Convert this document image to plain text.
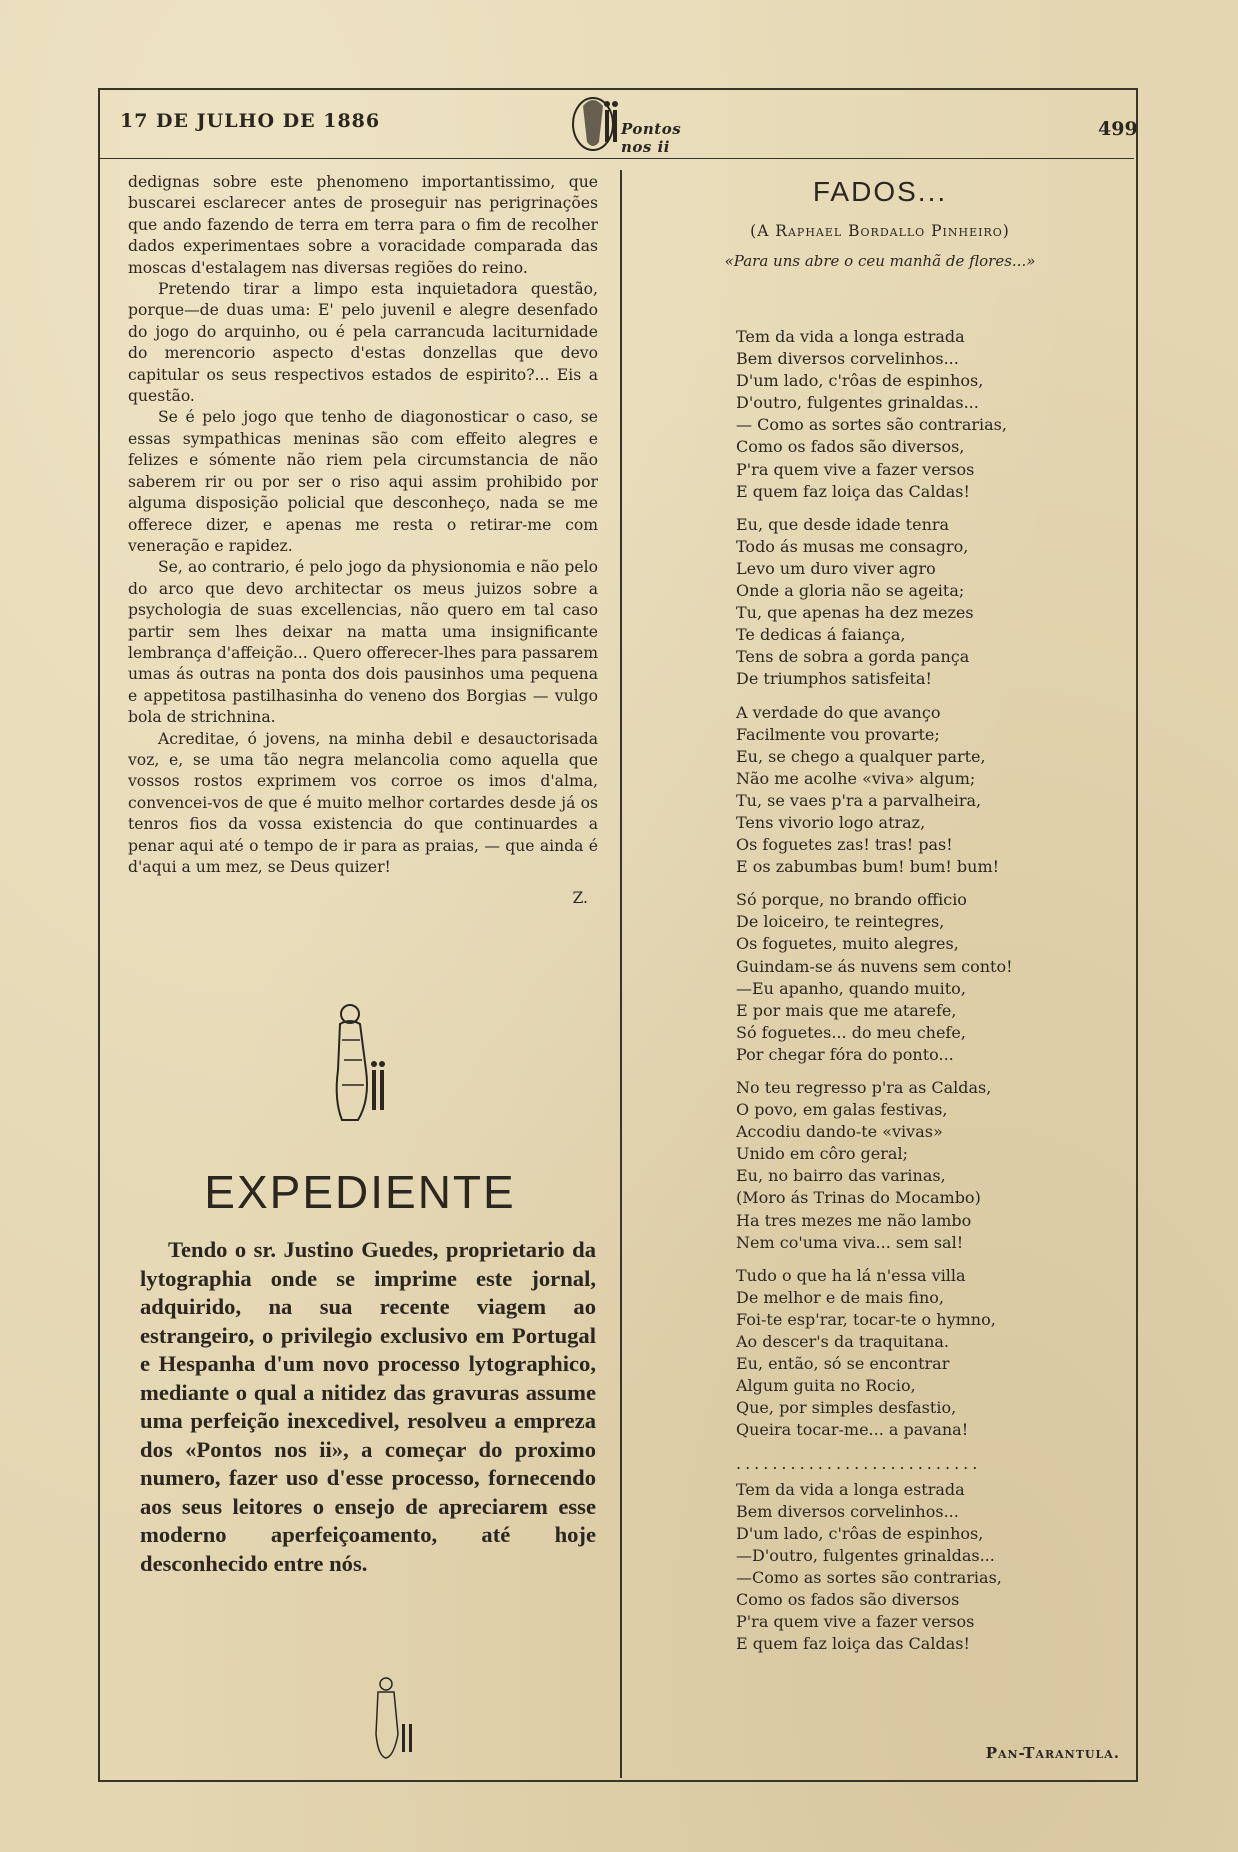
17 DE JULHO DE 1886	Pontos nos ii
499

dedignas sobre este phenomeno importantissimo, que buscarei esclarecer antes de proseguir nas perigrinações que ando fazendo de terra em terra para o fim de recolher dados experimentaes sobre a voracidade comparada das moscas d'estalagem nas diversas regiões do reino.

Pretendo tirar a limpo esta inquietadora questão, porque—de duas uma: E' pelo juvenil e alegre desenfado do jogo do arquinho, ou é pela carrancuda laciturnidade do merencorio aspecto d'estas donzellas que devo capitular os seus respectivos estados de espirito?... Eis a questão.

Se é pelo jogo que tenho de diagonosticar o caso, se essas sympathicas meninas são com effeito alegres e felizes e sómente não riem pela circumstancia de não saberem rir ou por ser o riso aqui assim prohibido por alguma disposição policial que desconheço, nada se me offerece dizer, e apenas me resta o retirar-me com veneração e rapidez.

Se, ao contrario, é pelo jogo da physionomia e não pelo do arco que devo architectar os meus juizos sobre a psychologia de suas excellencias, não quero em tal caso partir sem lhes deixar na matta uma insignificante lembrança d'affeição... Quero offerecer-lhes para passarem umas ás outras na ponta dos dois pausinhos uma pequena e appetitosa pastilhasinha do veneno dos Borgias — vulgo bola de strichnina.

Acreditae, ó jovens, na minha debil e desauctorisada voz, e, se uma tão negra melancolia como aquella que vossos rostos exprimem vos corroe os imos d'alma, convencei-vos de que é muito melhor cortardes desde já os tenros fios da vossa existencia do que continuardes a penar aqui até o tempo de ir para as praias, — que ainda é d'aqui a um mez, se Deus quizer!

Z.

EXPEDIENTE
Tendo o sr. Justino Guedes, proprietario da lytographia onde se imprime este jornal, adquirido, na sua recente viagem ao estrangeiro, o privilegio exclusivo em Portugal e Hespanha d'um novo processo lytographico, mediante o qual a nitidez das gravuras assume uma perfeição inexcedivel, resolveu a empreza dos «Pontos nos ii», a começar do proximo numero, fazer uso d'esse processo, fornecendo aos seus leitores o ensejo de apreciarem esse moderno aperfeiçoamento, até hoje desconhecido entre nós.
FADOS...
(A Raphael Bordallo Pinheiro)
«Para uns abre o ceu manhã de flores...»
Tem da vida a longa estrada
Bem diversos corvelinhos...
D'um lado, c'rôas de espinhos,
D'outro, fulgentes grinaldas...
— Como as sortes são contrarias,
Como os fados são diversos,
P'ra quem vive a fazer versos
E quem faz loiça das Caldas!
Eu, que desde idade tenra
Todo ás musas me consagro,
Levo um duro viver agro
Onde a gloria não se ageita;
Tu, que apenas ha dez mezes
Te dedicas á faiança,
Tens de sobra a gorda pança
De triumphos satisfeita!
A verdade do que avanço
Facilmente vou provarte;
Eu, se chego a qualquer parte,
Não me acolhe «viva» algum;
Tu, se vaes p'ra a parvalheira,
Tens vivorio logo atraz,
Os foguetes zas! tras! pas!
E os zabumbas bum! bum! bum!
Só porque, no brando officio
De loiceiro, te reintegres,
Os foguetes, muito alegres,
Guindam-se ás nuvens sem conto!
—Eu apanho, quando muito,
E por mais que me atarefe,
Só foguetes... do meu chefe,
Por chegar fóra do ponto...
No teu regresso p'ra as Caldas,
O povo, em galas festivas,
Accodiu dando-te «vivas»
Unido em côro geral;
Eu, no bairro das varinas,
(Moro ás Trinas do Mocambo)
Ha tres mezes me não lambo
Nem co'uma viva... sem sal!
Tudo o que ha lá n'essa villa
De melhor e de mais fino,
Foi-te esp'rar, tocar-te o hymno,
Ao descer's da traquitana.
Eu, então, só se encontrar
Algum guita no Rocio,
Que, por simples desfastio,
Queira tocar-me... a pavana!
...........................
Tem da vida a longa estrada
Bem diversos corvelinhos...
D'um lado, c'rôas de espinhos,
—D'outro, fulgentes grinaldas...
—Como as sortes são contrarias,
Como os fados são diversos
P'ra quem vive a fazer versos
E quem faz loiça das Caldas!
Pan-Tarantula.
